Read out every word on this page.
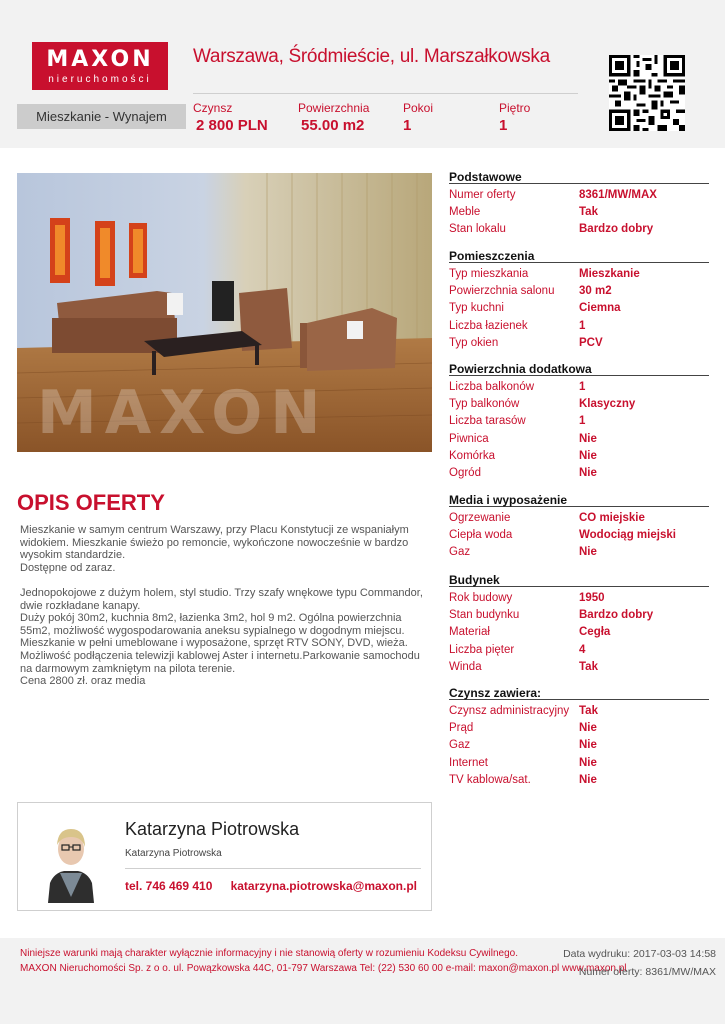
MAXON
nieruchomości
Warszawa, Śródmieście, ul. Marszałkowska
Mieszkanie - Wynajem
Czynsz
2 800 PLN
Powierzchnia
55.00 m2
Pokoi
1
Piętro
1
MAXON
OPIS OFERTY
Mieszkanie w samym centrum Warszawy, przy Placu Konstytucji ze wspaniałym widokiem. Mieszkanie świeżo po remoncie, wykończone nowocześnie w bardzo wysokim standardzie.
Dostępne od zaraz.

Jednopokojowe z dużym holem, styl studio. Trzy szafy wnękowe typu Commandor, dwie rozkładane kanapy.
Duży pokój 30m2, kuchnia 8m2, łazienka 3m2, hol 9 m2. Ogólna powierzchnia 55m2, możliwość wygospodarowania aneksu sypialnego w dogodnym miejscu.
Mieszkanie w pełni umeblowane i wyposażone, sprzęt RTV SONY, DVD, wieża. Możliwość podłączenia telewizji kablowej Aster i internetu.Parkowanie samochodu na darmowym zamkniętym na pilota terenie.
Cena 2800 zł. oraz media
Katarzyna Piotrowska
Katarzyna Piotrowska
tel. 746 469 410 katarzyna.piotrowska@maxon.pl
Podstawowe
Numer oferty	8361/MW/MAX
Meble	Tak
Stan lokalu	Bardzo dobry
Pomieszczenia
Typ mieszkania	Mieszkanie
Powierzchnia salonu	30 m2
Typ kuchni	Ciemna
Liczba łazienek	1
Typ okien	PCV
Powierzchnia dodatkowa
Liczba balkonów	1
Typ balkonów	Klasyczny
Liczba tarasów	1
Piwnica	Nie
Komórka	Nie
Ogród	Nie
Media i wyposażenie
Ogrzewanie	CO miejskie
Ciepła woda	Wodociąg miejski
Gaz	Nie
Budynek
Rok budowy	1950
Stan budynku	Bardzo dobry
Materiał	Cegła
Liczba pięter	4
Winda	Tak
Czynsz zawiera:
Czynsz administracyjny Tak
Prąd	Nie
Gaz	Nie
Internet	Nie
TV kablowa/sat.	Nie
Niniejsze warunki mają charakter wyłącznie informacyjny i nie stanowią oferty w rozumieniu Kodeksu Cywilnego.
MAXON Nieruchomości Sp. z o o. ul. Powązkowska 44C, 01-797 Warszawa Tel: (22) 530 60 00 e-mail: maxon@maxon.pl www.maxon.pl
Data wydruku: 2017-03-03 14:58
Numer oferty: 8361/MW/MAX
